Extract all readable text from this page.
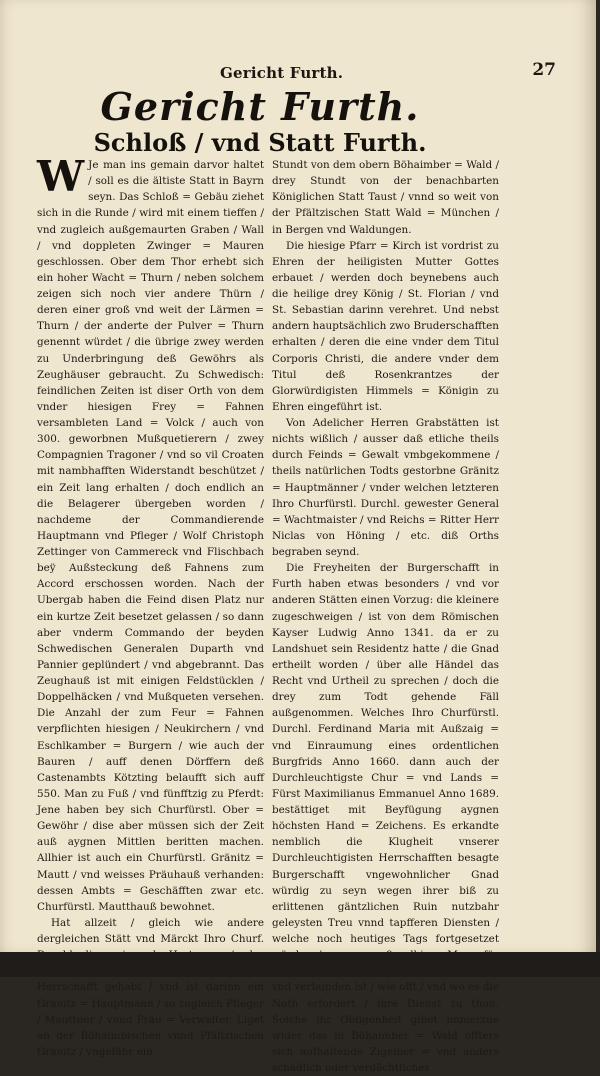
Gericht Furth.	27
Gericht Furth.
Schloß / vnd Statt Furth.

W Je man ins gemain darvor haltet / soll es die ältiste Statt in Bayrn seyn. Das Schloß = Gebäu ziehet sich in die Runde / wird mit einem tieffen / vnd zugleich außgemaurten Graben / Wall / vnd doppleten Zwinger = Mauren geschlossen. Ober dem Thor erhebt sich ein hoher Wacht = Thurn / neben solchem zeigen sich noch vier andere Thürn / deren einer groß vnd weit der Lärmen = Thurn / der anderte der Pulver = Thurn genennt würdet / die übrige zwey werden zu Underbringung deß Gewöhrs als Zeughäuser gebraucht. Zu Schwedisch: feindlichen Zeiten ist diser Orth von dem vnder hiesigen Frey = Fahnen versambleten Land = Volck / auch von 300. geworbnen Mußquetierern / zwey Compagnien Tragoner / vnd so vil Croaten mit nambhafften Widerstandt beschützet / ein Zeit lang erhalten / doch endlich an die Belagerer übergeben worden / nachdeme der Commandierende Hauptmann vnd Pfleger / Wolf Christoph Zettinger von Cammereck vnd Flischbach beÿ Außsteckung deß Fahnens zum Accord erschossen worden. Nach der Ubergab haben die Feind disen Platz nur ein kurtze Zeit besetzet gelassen / so dann aber vnderm Commando der beyden Schwedischen Generalen Duparth vnd Pannier geplündert / vnd abgebrannt. Das Zeughauß ist mit einigen Feldstücklen / Doppelhäcken / vnd Mußqueten versehen. Die Anzahl der zum Feur = Fahnen verpflichten hiesigen / Neukirchern / vnd Eschlkamber = Burgern / wie auch der Bauren / auff denen Dörffern deß Castenambts Kötzting belaufft sich auff 550. Man zu Fuß / vnd fünfftzig zu Pferdt: Jene haben bey sich Churfürstl. Ober = Gewöhr / dise aber müssen sich der Zeit auß aygnen Mittlen beritten machen. Allhier ist auch ein Churfürstl. Gränitz = Mautt / vnd weisses Präuhauß verhanden: dessen Ambts = Geschäfften zwar etc. Churfürstl. Mautthauß bewohnet.

Hat allzeit / gleich wie andere dergleichen Stätt vnd Märckt Ihro Churf. Herrschafft gehabt / vnd ist darinn ein Gränitz = Hauptmann / so zugleich Pfleger / Mauttner / vnnd Präu = Verwalter. Liget an der Böhaimbischen vnnd Pfältzischen Gränitz / vngefähr ein

Stundt von dem obern Böhaimber = Wald / drey Stundt von der benachbarten Königlichen Statt Taust / vnnd so weit von der Pfältzischen Statt Wald = München / in Bergen vnd Waldungen.

Die hiesige Pfarr = Kirch ist vordrist zu Ehren der heiligisten Mutter Gottes erbauet / werden doch beynebens auch die heilige drey König / St. Florian / vnd St. Sebastian darinn verehret. Und nebst andern hauptsächlich zwo Bruderschafften erhalten / deren die eine vnder dem Titul Corporis Christi, die andere vnder dem Titul deß Rosenkrantzes der Glorwürdigisten Himmels = Königin zu Ehren eingeführt ist.

Von Adelicher Herren Grabstätten ist nichts wißlich / ausser daß etliche theils durch Feinds = Gewalt vmbgekommene / theils natürlichen Todts gestorbne Gränitz = Hauptmänner / vnder welchen letzteren Ihro Churfürstl. Durchl. gewester General = Wachtmaister / vnd Reichs = Ritter Herr Niclas von Höning / etc. diß Orths begraben seynd.

Die Freyheiten der Burgerschafft in Furth haben etwas besonders / vnd vor anderen Stätten einen Vorzug: die kleinere zugeschweigen / ist von dem Römischen Kayser Ludwig Anno 1341. da er zu Landshuet sein Residentz hatte / die Gnad ertheilt worden / über alle Händel das Recht vnd Urtheil zu sprechen / doch die drey zum Todt gehende Fäll außgenommen. Welches Ihro Churfürstl. Durchl. Ferdinand Maria mit Außzaig = vnd Einraumung eines ordentlichen Burgfrids Anno 1660. dann auch der Durchleuchtigste Chur = vnd Lands = Fürst Maximilianus Emmanuel Anno 1689. bestättiget mit Beyfügung aygnen höchsten Hand = Zeichens. Es erkandte nemblich die Klugheit vnserer Durchleuchtigisten Herrschafften besagte Burgerschafft vngewohnlicher Gnad würdig zu seyn wegen ihrer biß zu erlittenen gäntzlichen Ruin nutzbahr geleysten Treu vnnd tapfferen Diensten / welche noch heutiges Tags fortgesetzet vnd verbunden ist / wie offt / vnd wo es die Noth erfordert / ihre Dienst zu thun. Solche ihr Obligenheit gibet immerzue wider das in Böhaimber = Wald öffters sich aufhaltende Zigeiner = vnd anders schädlich oder verdächtliches
